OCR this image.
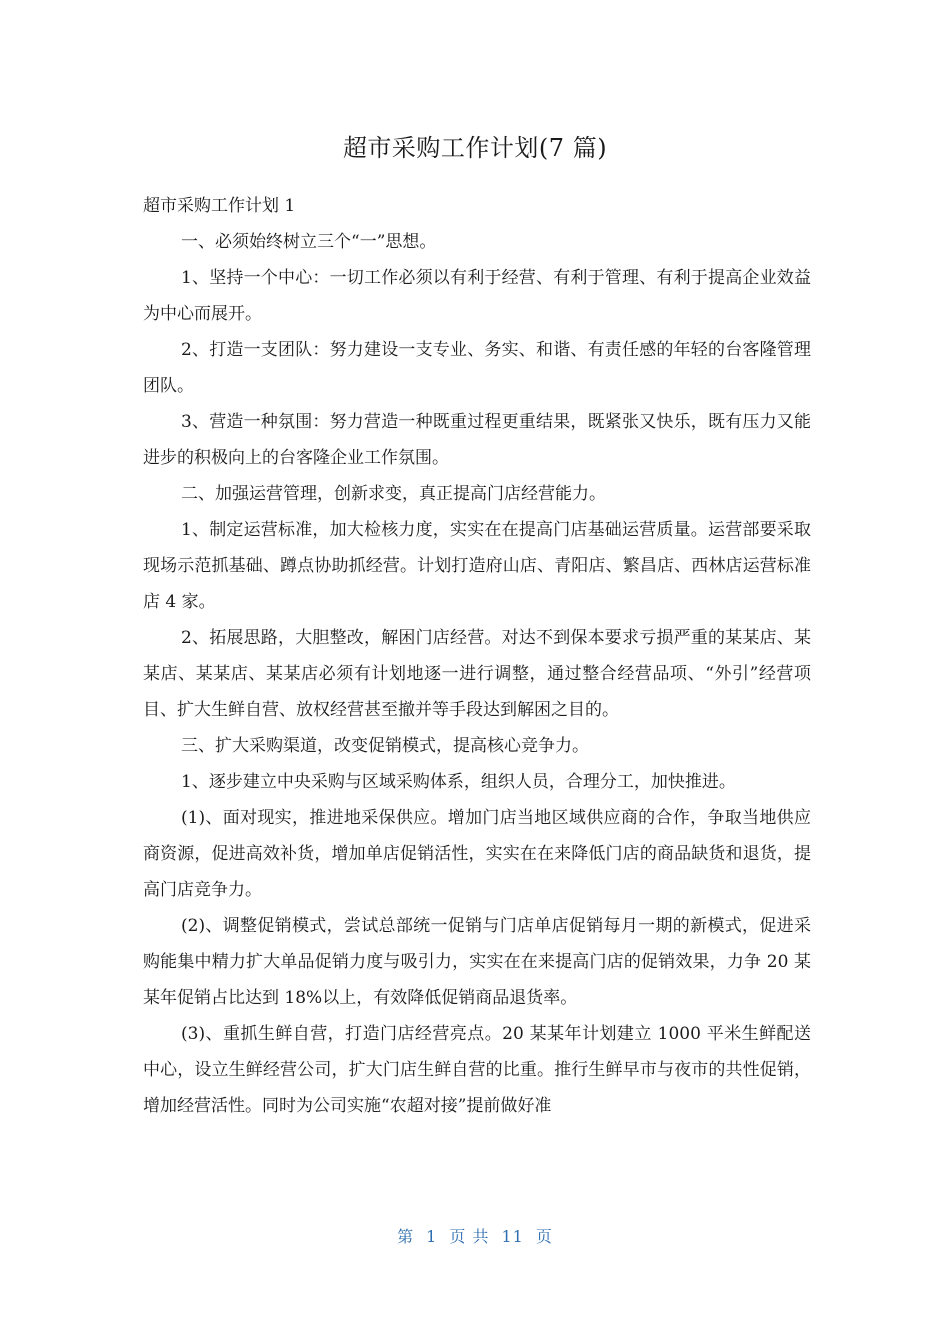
超市采购工作计划(7 篇)

超市采购工作计划 1

一、必须始终树立三个“一”思想。

1、坚持一个中心：一切工作必须以有利于经营、有利于管理、有利于提高企业效益为中心而展开。

2、打造一支团队：努力建设一支专业、务实、和谐、有责任感的年轻的台客隆管理团队。

3、营造一种氛围：努力营造一种既重过程更重结果，既紧张又快乐，既有压力又能进步的积极向上的台客隆企业工作氛围。

二、加强运营管理，创新求变，真正提高门店经营能力。

1、制定运营标准，加大检核力度，实实在在提高门店基础运营质量。运营部要采取现场示范抓基础、蹲点协助抓经营。计划打造府山店、青阳店、繁昌店、西林店运营标准店 4 家。

2、拓展思路，大胆整改，解困门店经营。对达不到保本要求亏损严重的某某店、某某店、某某店、某某店必须有计划地逐一进行调整，通过整合经营品项、“外引”经营项目、扩大生鲜自营、放权经营甚至撤并等手段达到解困之目的。

三、扩大采购渠道，改变促销模式，提高核心竞争力。

1、逐步建立中央采购与区域采购体系，组织人员，合理分工，加快推进。

(1)、面对现实，推进地采保供应。增加门店当地区域供应商的合作，争取当地供应商资源，促进高效补货，增加单店促销活性，实实在在来降低门店的商品缺货和退货，提高门店竞争力。

(2)、调整促销模式，尝试总部统一促销与门店单店促销每月一期的新模式，促进采购能集中精力扩大单品促销力度与吸引力，实实在在来提高门店的促销效果，力争 20 某某年促销占比达到 18%以上，有效降低促销商品退货率。

(3)、重抓生鲜自营，打造门店经营亮点。20 某某年计划建立 1000 平米生鲜配送中心，设立生鲜经营公司，扩大门店生鲜自营的比重。推行生鲜早市与夜市的共性促销，增加经营活性。同时为公司实施“农超对接”提前做好准

第 1 页 共 11 页
